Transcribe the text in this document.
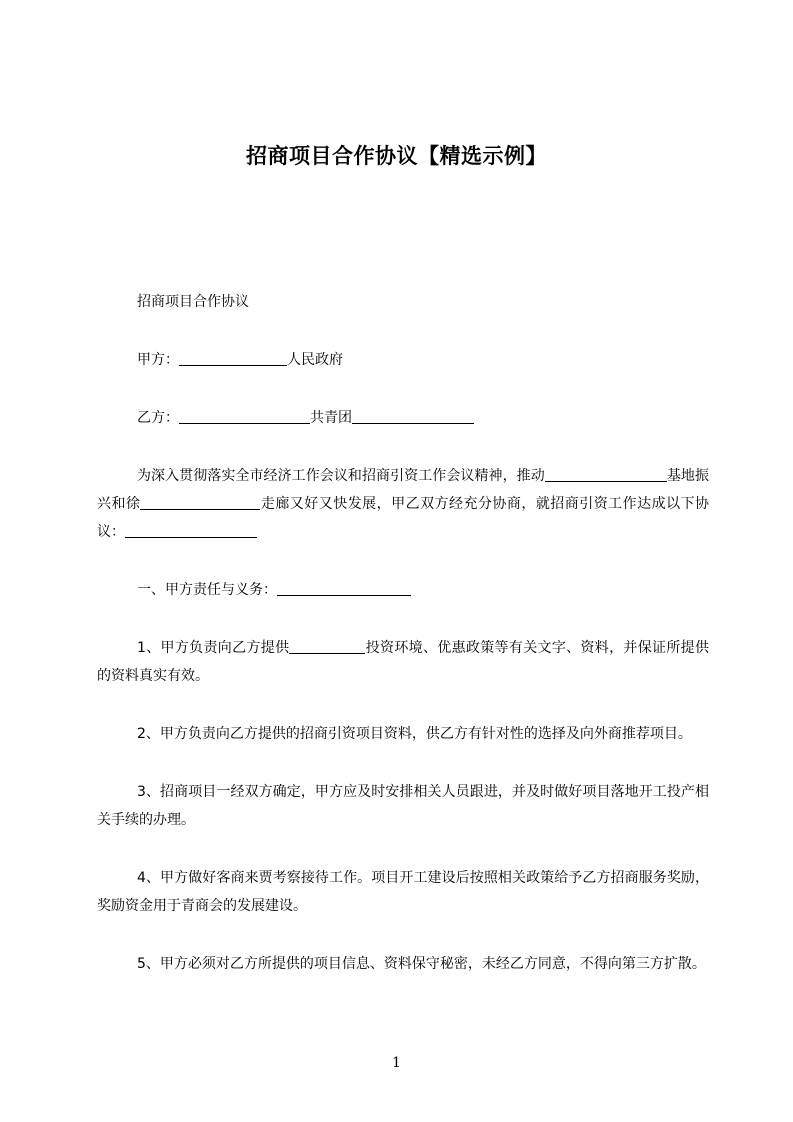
招商项目合作协议【精选示例】

招商项目合作协议

甲方：	人民政府

乙方：	共青团

为深入贯彻落实全市经济工作会议和招商引资工作会议精神，推动	基地振兴和徐	走廊又好又快发展，甲乙双方经充分协商，就招商引资工作达成以下协议：

一、甲方责任与义务：

1、甲方负责向乙方提供	投资环境、优惠政策等有关文字、资料，并保证所提供的资料真实有效。

2、甲方负责向乙方提供的招商引资项目资料，供乙方有针对性的选择及向外商推荐项目。

3、招商项目一经双方确定，甲方应及时安排相关人员跟进，并及时做好项目落地开工投产相关手续的办理。

4、甲方做好客商来贾考察接待工作。项目开工建设后按照相关政策给予乙方招商服务奖励，奖励资金用于青商会的发展建设。

5、甲方必须对乙方所提供的项目信息、资料保守秘密，未经乙方同意，不得向第三方扩散。

1
